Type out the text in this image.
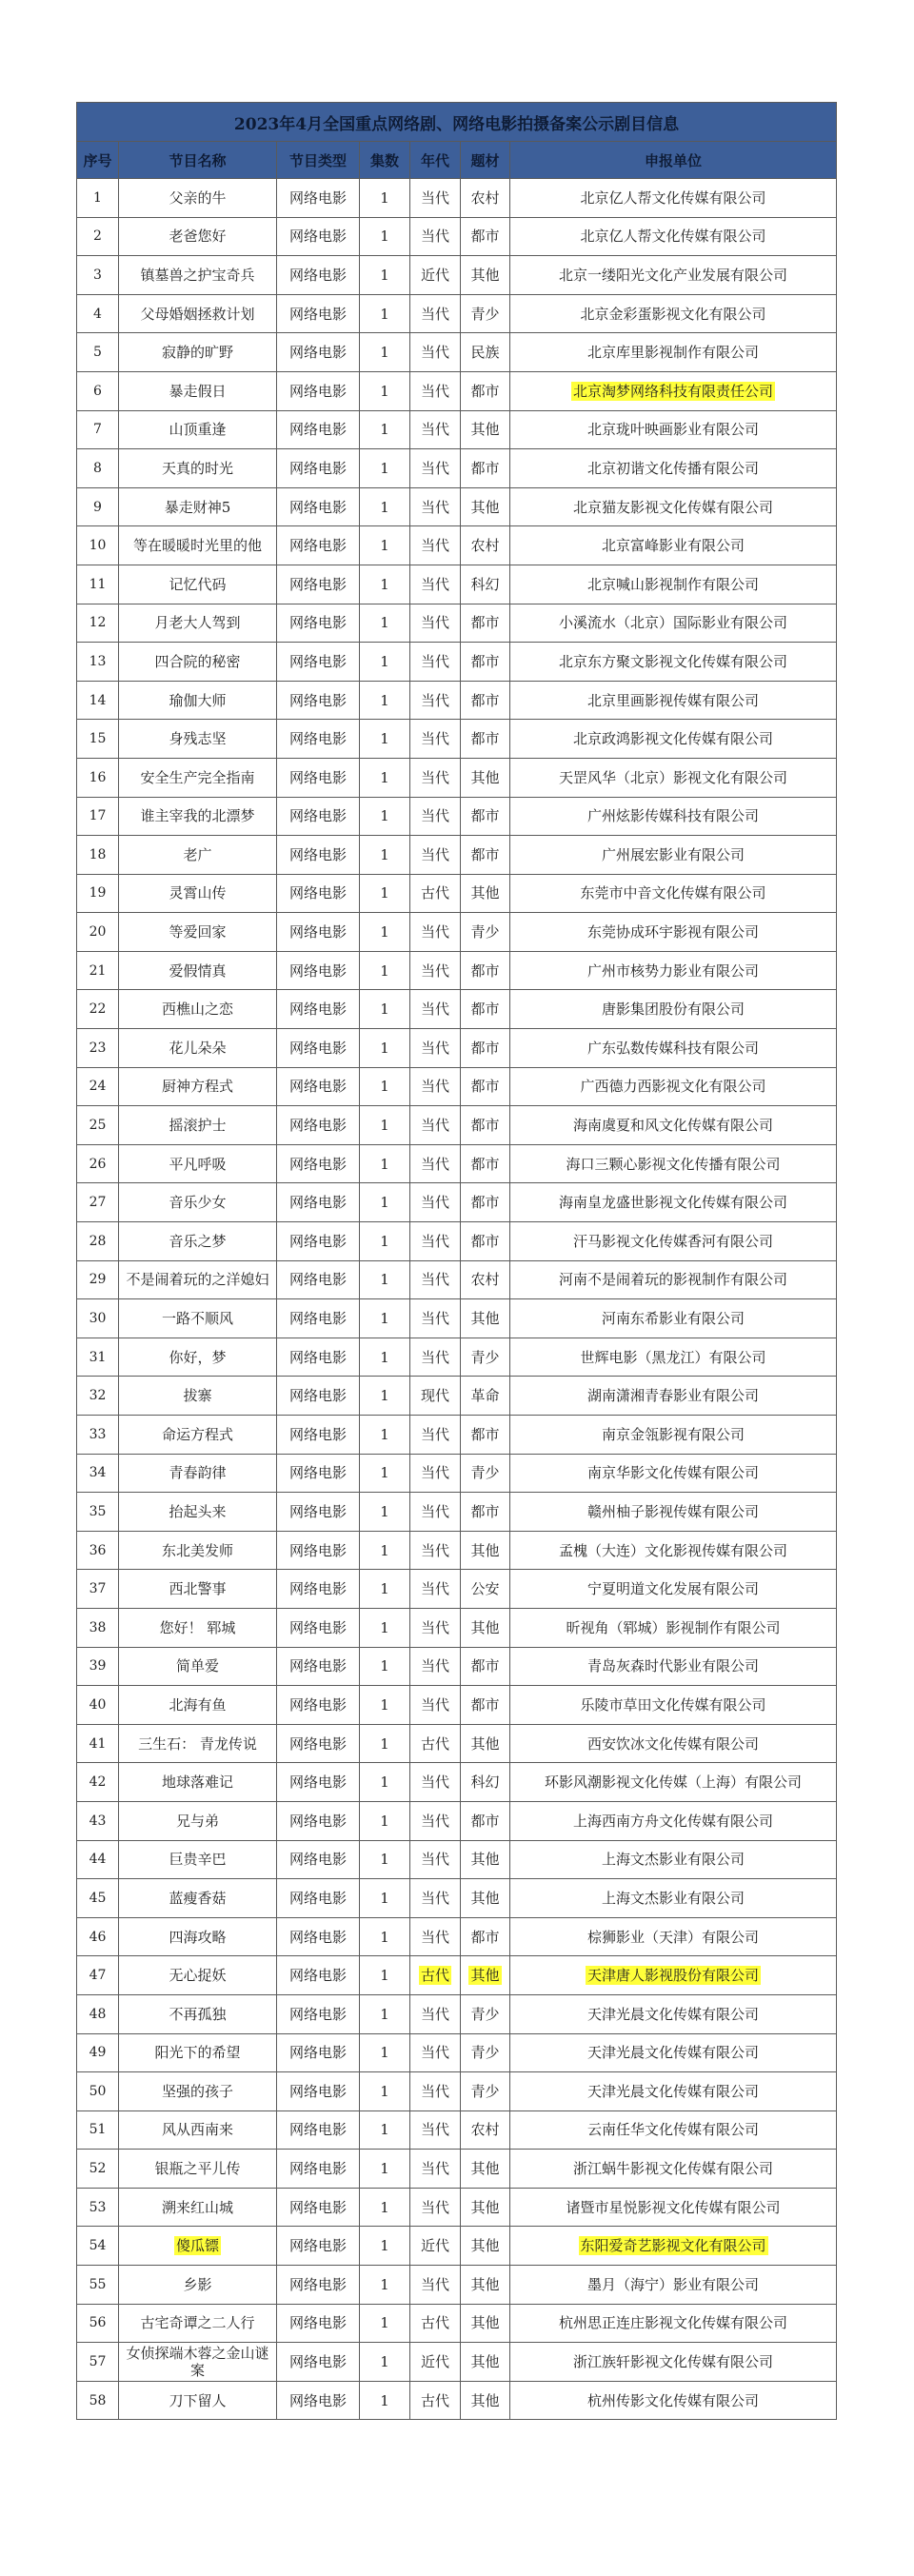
2023年4月全国重点网络剧、网络电影拍摄备案公示剧目信息						
序号	节目名称	节目类型	集数	年代	题材	申报单位
1	父亲的牛	网络电影	1	当代	农村	北京亿人帮文化传媒有限公司
2	老爸您好	网络电影	1	当代	都市	北京亿人帮文化传媒有限公司
3	镇墓兽之护宝奇兵	网络电影	1	近代	其他	北京一缕阳光文化产业发展有限公司
4	父母婚姻拯救计划	网络电影	1	当代	青少	北京金彩蛋影视文化有限公司
5	寂静的旷野	网络电影	1	当代	民族	北京库里影视制作有限公司
6	暴走假日	网络电影	1	当代	都市	北京淘梦网络科技有限责任公司
7	山顶重逢	网络电影	1	当代	其他	北京珑叶映画影业有限公司
8	天真的时光	网络电影	1	当代	都市	北京初谐文化传播有限公司
9	暴走财神5	网络电影	1	当代	其他	北京猫友影视文化传媒有限公司
10	等在暖暖时光里的他	网络电影	1	当代	农村	北京富峰影业有限公司
11	记忆代码	网络电影	1	当代	科幻	北京喊山影视制作有限公司
12	月老大人驾到	网络电影	1	当代	都市	小溪流水（北京）国际影业有限公司
13	四合院的秘密	网络电影	1	当代	都市	北京东方聚文影视文化传媒有限公司
14	瑜伽大师	网络电影	1	当代	都市	北京里画影视传媒有限公司
15	身残志坚	网络电影	1	当代	都市	北京政鸿影视文化传媒有限公司
16	安全生产完全指南	网络电影	1	当代	其他	天罡风华（北京）影视文化有限公司
17	谁主宰我的北漂梦	网络电影	1	当代	都市	广州炫影传媒科技有限公司
18	老广	网络电影	1	当代	都市	广州展宏影业有限公司
19	灵霄山传	网络电影	1	古代	其他	东莞市中音文化传媒有限公司
20	等爱回家	网络电影	1	当代	青少	东莞协成环宇影视有限公司
21	爱假情真	网络电影	1	当代	都市	广州市核势力影业有限公司
22	西樵山之恋	网络电影	1	当代	都市	唐影集团股份有限公司
23	花儿朵朵	网络电影	1	当代	都市	广东弘数传媒科技有限公司
24	厨神方程式	网络电影	1	当代	都市	广西德力西影视文化有限公司
25	摇滚护士	网络电影	1	当代	都市	海南虞夏和风文化传媒有限公司
26	平凡呼吸	网络电影	1	当代	都市	海口三颗心影视文化传播有限公司
27	音乐少女	网络电影	1	当代	都市	海南皇龙盛世影视文化传媒有限公司
28	音乐之梦	网络电影	1	当代	都市	汗马影视文化传媒香河有限公司
29	不是闹着玩的之洋媳妇	网络电影	1	当代	农村	河南不是闹着玩的影视制作有限公司
30	一路不顺风	网络电影	1	当代	其他	河南东希影业有限公司
31	你好，梦	网络电影	1	当代	青少	世辉电影（黑龙江）有限公司
32	拔寨	网络电影	1	现代	革命	湖南潇湘青春影业有限公司
33	命运方程式	网络电影	1	当代	都市	南京金瓴影视有限公司
34	青春韵律	网络电影	1	当代	青少	南京华影文化传媒有限公司
35	抬起头来	网络电影	1	当代	都市	赣州柚子影视传媒有限公司
36	东北美发师	网络电影	1	当代	其他	孟槐（大连）文化影视传媒有限公司
37	西北警事	网络电影	1	当代	公安	宁夏明道文化发展有限公司
38	您好！ 郓城	网络电影	1	当代	其他	昕视角（郓城）影视制作有限公司
39	简单爱	网络电影	1	当代	都市	青岛灰森时代影业有限公司
40	北海有鱼	网络电影	1	当代	都市	乐陵市草田文化传媒有限公司
41	三生石： 青龙传说	网络电影	1	古代	其他	西安饮冰文化传媒有限公司
42	地球落难记	网络电影	1	当代	科幻	环影风潮影视文化传媒（上海）有限公司
43	兄与弟	网络电影	1	当代	都市	上海西南方舟文化传媒有限公司
44	巨贵辛巴	网络电影	1	当代	其他	上海文杰影业有限公司
45	蓝瘦香菇	网络电影	1	当代	其他	上海文杰影业有限公司
46	四海攻略	网络电影	1	当代	都市	棕狮影业（天津）有限公司
47	无心捉妖	网络电影	1	古代	其他	天津唐人影视股份有限公司
48	不再孤独	网络电影	1	当代	青少	天津光晨文化传媒有限公司
49	阳光下的希望	网络电影	1	当代	青少	天津光晨文化传媒有限公司
50	坚强的孩子	网络电影	1	当代	青少	天津光晨文化传媒有限公司
51	风从西南来	网络电影	1	当代	农村	云南任华文化传媒有限公司
52	银瓶之平儿传	网络电影	1	当代	其他	浙江蜗牛影视文化传媒有限公司
53	溯来红山城	网络电影	1	当代	其他	诸暨市星悦影视文化传媒有限公司
54	傻瓜镖	网络电影	1	近代	其他	东阳爱奇艺影视文化有限公司
55	乡影	网络电影	1	当代	其他	墨月（海宁）影业有限公司
56	古宅奇谭之二人行	网络电影	1	古代	其他	杭州思正连庄影视文化传媒有限公司
57	女侦探端木蓉之金山谜案	网络电影	1	近代	其他	浙江族轩影视文化传媒有限公司
58	刀下留人	网络电影	1	古代	其他	杭州传影文化传媒有限公司
